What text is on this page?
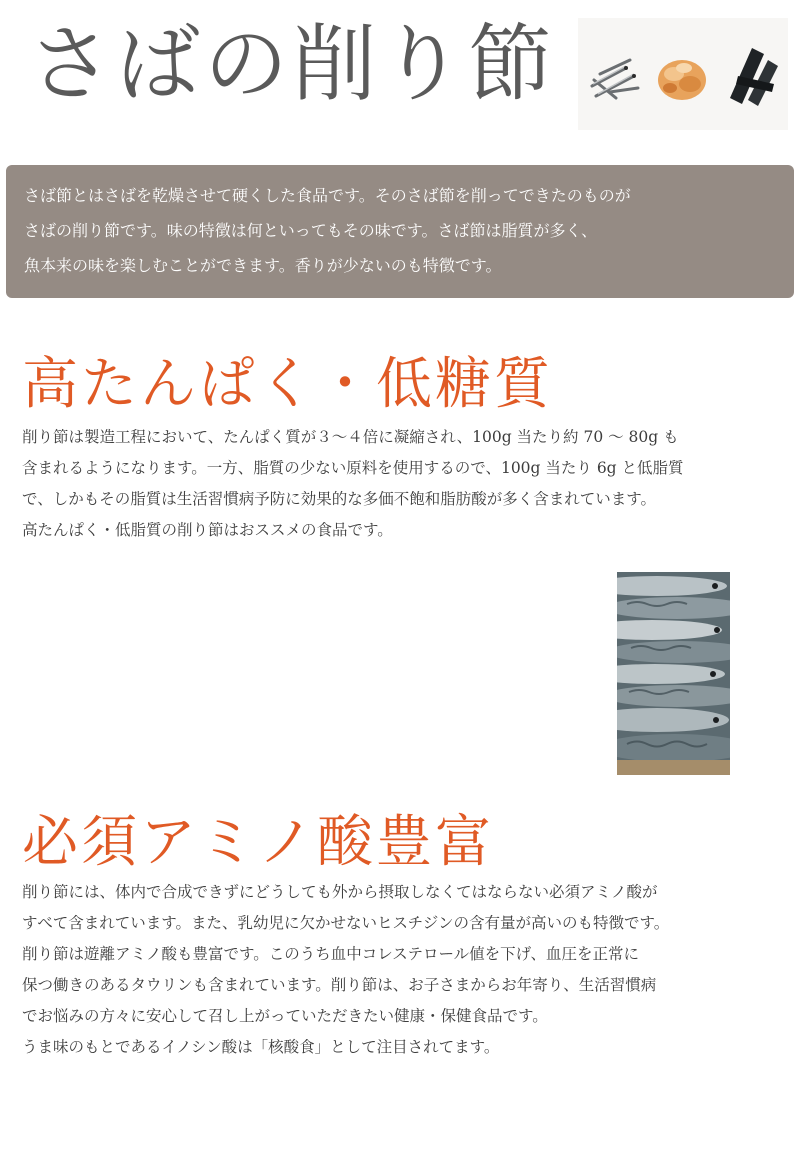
さばの削り節

さば節とはさばを乾燥させて硬くした食品です。そのさば節を削ってできたのものが

さばの削り節です。味の特徴は何といってもその味です。さば節は脂質が多く、

魚本来の味を楽しむことができます。香りが少ないのも特徴です。

高たんぱく・低糖質

削り節は製造工程において、たんぱく質が３～４倍に凝縮され、100g 当たり約 70 ～ 80g も

含まれるようになります。一方、脂質の少ない原料を使用するので、100g 当たり 6g と低脂質

で、しかもその脂質は生活習慣病予防に効果的な多価不飽和脂肪酸が多く含まれています。

高たんぱく・低脂質の削り節はおススメの食品です。

必須アミノ酸豊富

削り節には、体内で合成できずにどうしても外から摂取しなくてはならない必須アミノ酸が

すべて含まれています。また、乳幼児に欠かせないヒスチジンの含有量が高いのも特徴です。

削り節は遊離アミノ酸も豊富です。このうち血中コレステロール値を下げ、血圧を正常に

保つ働きのあるタウリンも含まれています。削り節は、お子さまからお年寄り、生活習慣病

でお悩みの方々に安心して召し上がっていただきたい健康・保健食品です。

うま味のもとであるイノシン酸は「核酸食」として注目されてます。
